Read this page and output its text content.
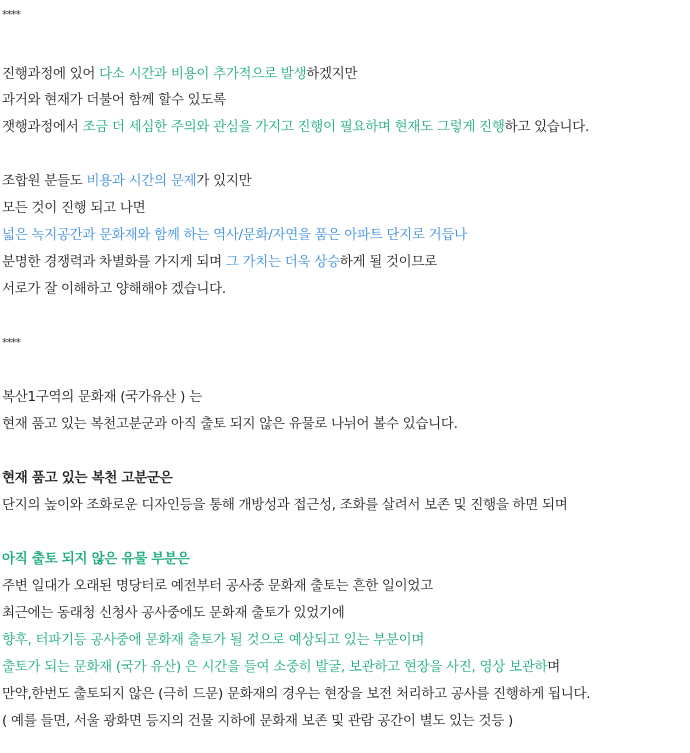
****
진행과정에 있어 다소 시간과 비용이 추가적으로 발생하겠지만
과거와 현재가 더불어 함께 할수 있도록
잿행과정에서 조금 더 세심한 주의와 관심을 가지고 진행이 필요하며 현재도 그렇게 진행하고 있습니다.
조합원 분들도 비용과 시간의 문제가 있지만
모든 것이 진행 되고 나면
넓은 녹지공간과 문화재와 함께 하는 역사/문화/자연을 품은 아파트 단지로 거듭나
분명한 경쟁력과 차별화를 가지게 되며 그 가치는 더욱 상승하게 될 것이므로
서로가 잘 이해하고 양해해야 겠습니다.
****
복산1구역의 문화재 (국가유산 ) 는
현재 품고 있는 복천고분군과 아직 출토 되지 않은 유물로 나뉘어 볼수 있습니다.
현재 품고 있는 복천 고분군은
단지의 높이와 조화로운 디자인등을 통해 개방성과 접근성, 조화를 살려서 보존 및 진행을 하면 되며
아직 출토 되지 않은 유물 부분은
주변 일대가 오래된 명당터로 예전부터 공사중 문화재 출토는 흔한 일이었고
최근에는 동래청 신청사 공사중에도 문화재 출토가 있었기에
향후, 터파기등 공사중에 문화재 출토가 될 것으로 예상되고 있는 부분이며
출토가 되는 문화재 (국가 유산) 은 시간을 들여 소중히 발굴, 보관하고 현장을 사진, 영상 보관하며
만약,한번도 출토되지 않은 (극히 드문) 문화재의 경우는 현장을 보전 처리하고 공사를 진행하게 됩니다.
( 예를 들면, 서울 광화면 등지의 건물 지하에 문화재 보존 및 관람 공간이 별도 있는 것등 )
